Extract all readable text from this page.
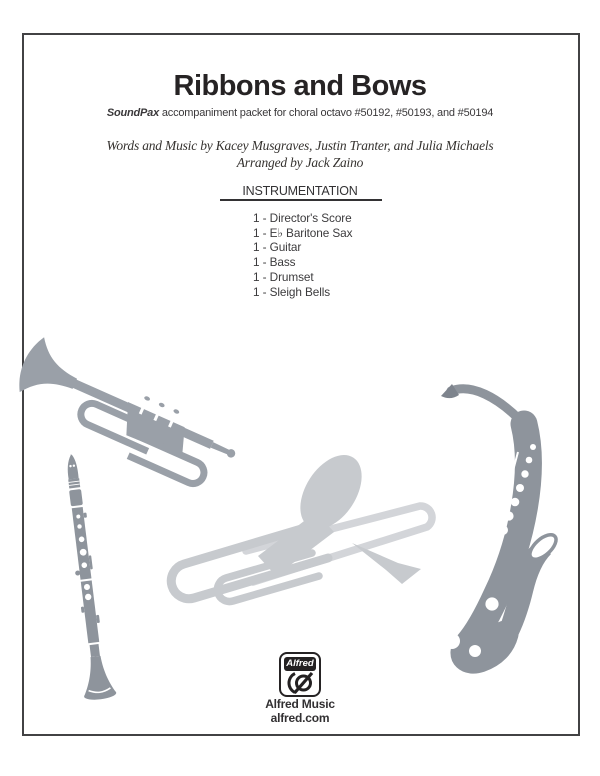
Ribbons and Bows
SoundPax accompaniment packet for choral octavo #50192, #50193, and #50194
Words and Music by Kacey Musgraves, Justin Tranter, and Julia Michaels
Arranged by Jack Zaino
INSTRUMENTATION
1 - Director's Score
1 - E♭ Baritone Sax
1 - Guitar
1 - Bass
1 - Drumset
1 - Sleigh Bells
Alfred
Alfred Music
alfred.com
